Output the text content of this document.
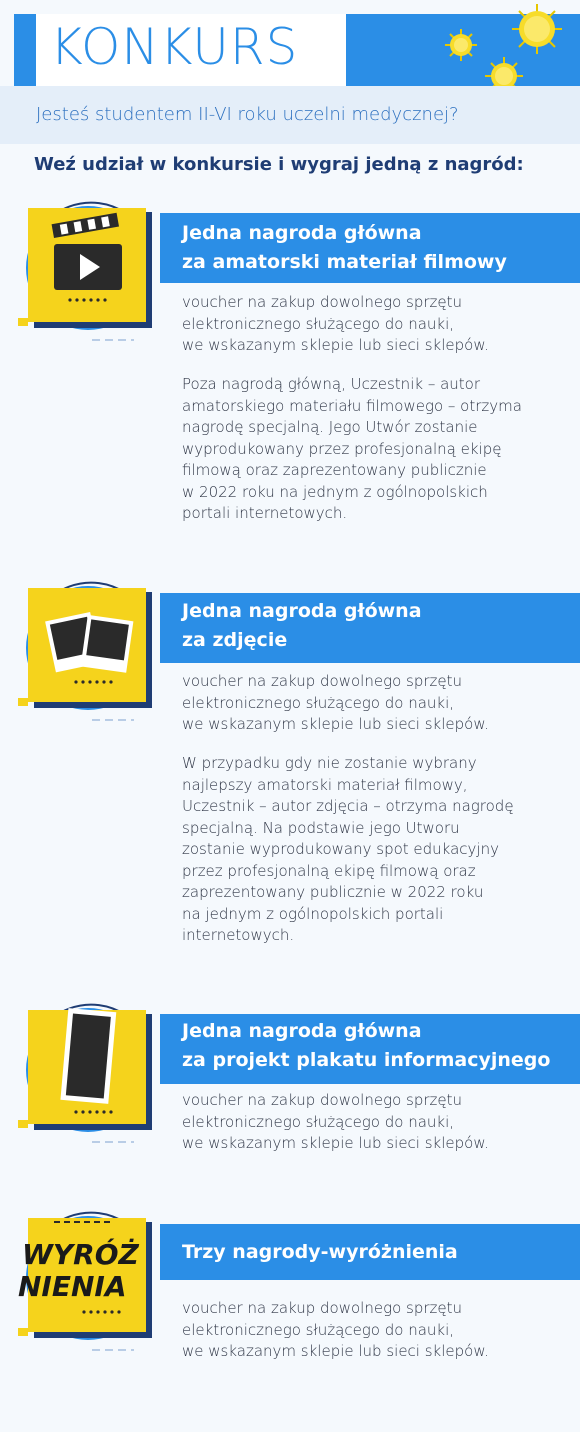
KONKURS
Jesteś studentem II-VI roku uczelni medycznej?
Weź udział w konkursie i wygraj jedną z nagród:
Jedna nagroda główna
za amatorski materiał filmowy
voucher na zakup dowolnego sprzętu
elektronicznego służącego do nauki,
we wskazanym sklepie lub sieci sklepów.
Poza nagrodą główną, Uczestnik – autor
amatorskiego materiału filmowego – otrzyma
nagrodę specjalną. Jego Utwór zostanie
wyprodukowany przez profesjonalną ekipę
filmową oraz zaprezentowany publicznie
w 2022 roku na jednym z ogólnopolskich
portali internetowych.
Jedna nagroda główna
za zdjęcie
voucher na zakup dowolnego sprzętu
elektronicznego służącego do nauki,
we wskazanym sklepie lub sieci sklepów.
W przypadku gdy nie zostanie wybrany
najlepszy amatorski materiał filmowy,
Uczestnik – autor zdjęcia – otrzyma nagrodę
specjalną. Na podstawie jego Utworu
zostanie wyprodukowany spot edukacyjny
przez profesjonalną ekipę filmową oraz
zaprezentowany publicznie w 2022 roku
na jednym z ogólnopolskich portali
internetowych.
Jedna nagroda główna
za projekt plakatu informacyjnego
voucher na zakup dowolnego sprzętu
elektronicznego służącego do nauki,
we wskazanym sklepie lub sieci sklepów.
WYRÓŻ
NIENIA
Trzy nagrody-wyróżnienia
voucher na zakup dowolnego sprzętu
elektronicznego służącego do nauki,
we wskazanym sklepie lub sieci sklepów.
